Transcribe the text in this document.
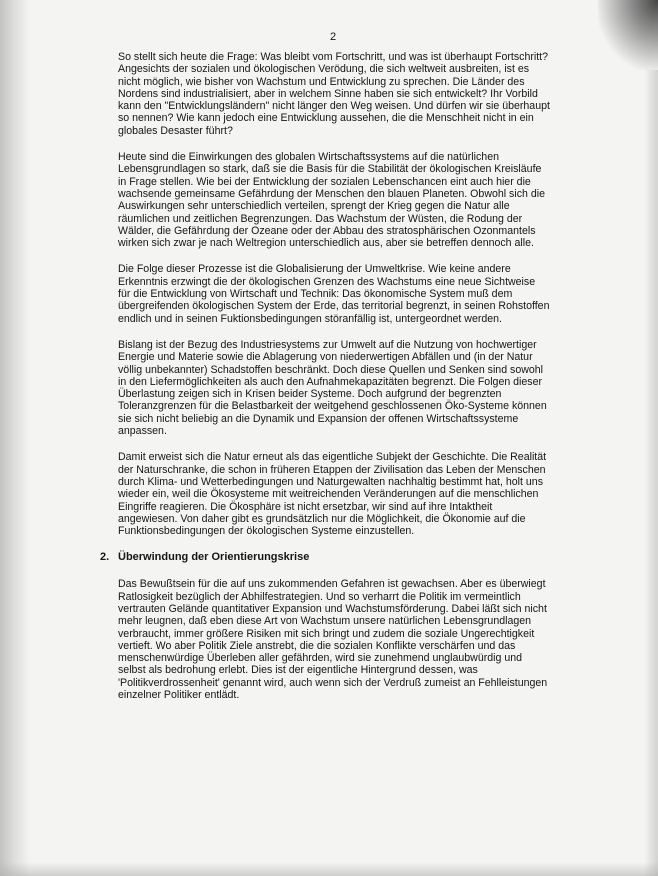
2

So stellt sich heute die Frage: Was bleibt vom Fortschritt, und was ist überhaupt Fortschritt? Angesichts der sozialen und ökologischen Verödung, die sich weltweit ausbreiten, ist es nicht möglich, wie bisher von Wachstum und Entwicklung zu sprechen. Die Länder des Nordens sind industrialisiert, aber in welchem Sinne haben sie sich entwickelt? Ihr Vorbild kann den "Entwicklungsländern" nicht länger den Weg weisen. Und dürfen wir sie überhaupt so nennen? Wie kann jedoch eine Entwicklung aussehen, die die Menschheit nicht in ein globales Desaster führt?

Heute sind die Einwirkungen des globalen Wirtschaftssystems auf die natürlichen Lebensgrundlagen so stark, daß sie die Basis für die Stabilität der ökologischen Kreisläufe in Frage stellen. Wie bei der Entwicklung der sozialen Lebenschancen eint auch hier die wachsende gemeinsame Gefährdung der Menschen den blauen Planeten. Obwohl sich die Auswirkungen sehr unterschiedlich verteilen, sprengt der Krieg gegen die Natur alle räumlichen und zeitlichen Begrenzungen. Das Wachstum der Wüsten, die Rodung der Wälder, die Gefährdung der Ozeane oder der Abbau des stratosphärischen Ozonmantels wirken sich zwar je nach Weltregion unterschiedlich aus, aber sie betreffen dennoch alle.

Die Folge dieser Prozesse ist die Globalisierung der Umweltkrise. Wie keine andere Erkenntnis erzwingt die der ökologischen Grenzen des Wachstums eine neue Sichtweise für die Entwicklung von Wirtschaft und Technik: Das ökonomische System muß dem übergreifenden ökologischen System der Erde, das territorial begrenzt, in seinen Rohstoffen endlich und in seinen Fuktionsbedingungen störanfällig ist, untergeordnet werden.

Bislang ist der Bezug des Industriesystems zur Umwelt auf die Nutzung von hochwertiger Energie und Materie sowie die Ablagerung von niederwertigen Abfällen und (in der Natur völlig unbekannter) Schadstoffen beschränkt. Doch diese Quellen und Senken sind sowohl in den Liefermöglichkeiten als auch den Aufnahmekapazitäten begrenzt. Die Folgen dieser Überlastung zeigen sich in Krisen beider Systeme. Doch aufgrund der begrenzten Toleranzgrenzen für die Belastbarkeit der weitgehend geschlossenen Öko-Systeme können sie sich nicht beliebig an die Dynamik und Expansion der offenen Wirtschaftssysteme anpassen.

Damit erweist sich die Natur erneut als das eigentliche Subjekt der Geschichte. Die Realität der Naturschranke, die schon in früheren Etappen der Zivilisation das Leben der Menschen durch Klima- und Wetterbedingungen und Naturgewalten nachhaltig bestimmt hat, holt uns wieder ein, weil die Ökosysteme mit weitreichenden Veränderungen auf die menschlichen Eingriffe reagieren. Die Ökosphäre ist nicht ersetzbar, wir sind auf ihre Intaktheit angewiesen. Von daher gibt es grundsätzlich nur die Möglichkeit, die Ökonomie auf die Funktionsbedingungen der ökologischen Systeme einzustellen.

2. Überwindung der Orientierungskrise

Das Bewußtsein für die auf uns zukommenden Gefahren ist gewachsen. Aber es überwiegt Ratlosigkeit bezüglich der Abhilfestrategien. Und so verharrt die Politik im vermeintlich vertrauten Gelände quantitativer Expansion und Wachstumsförderung. Dabei läßt sich nicht mehr leugnen, daß eben diese Art von Wachstum unsere natürlichen Lebensgrundlagen verbraucht, immer größere Risiken mit sich bringt und zudem die soziale Ungerechtigkeit vertieft. Wo aber Politik Ziele anstrebt, die die sozialen Konflikte verschärfen und das menschenwürdige Überleben aller gefährden, wird sie zunehmend unglaubwürdig und selbst als bedrohung erlebt. Dies ist der eigentliche Hintergrund dessen, was 'Politikverdrossenheit' genannt wird, auch wenn sich der Verdruß zumeist an Fehlleistungen einzelner Politiker entlädt.
